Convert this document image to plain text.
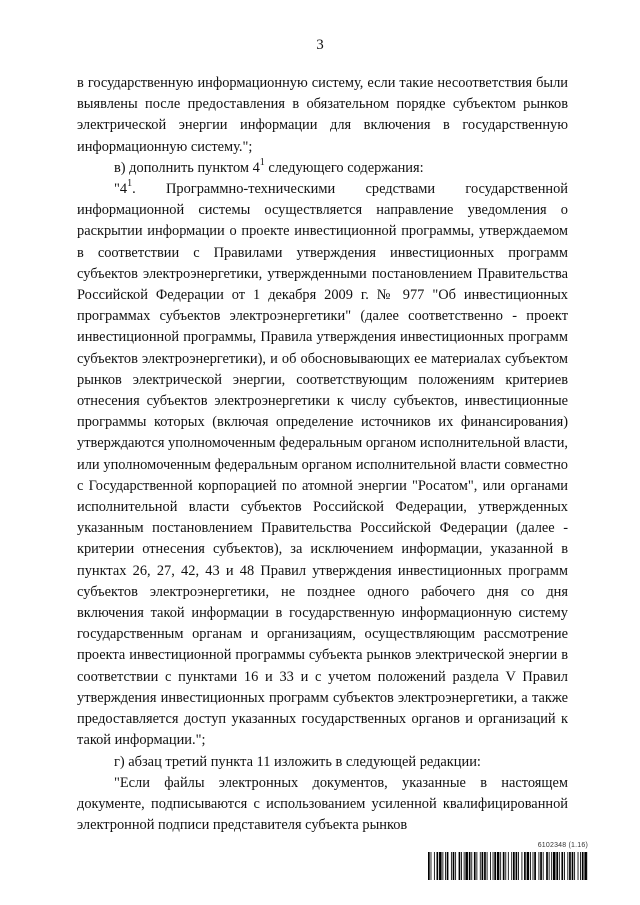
3

в государственную информационную систему, если такие несоответствия были выявлены после предоставления в обязательном порядке субъектом рынков электрической энергии информации для включения в государственную информационную систему.";

в) дополнить пунктом $4^1$ следующего содержания:

"$4^1$. Программно-техническими средствами государственной информационной системы осуществляется направление уведомления о раскрытии информации о проекте инвестиционной программы, утверждаемом в соответствии с Правилами утверждения инвестиционных программ субъектов электроэнергетики, утвержденными постановлением Правительства Российской Федерации от 1 декабря 2009 г. № 977 "Об инвестиционных программах субъектов электроэнергетики" (далее соответственно - проект инвестиционной программы, Правила утверждения инвестиционных программ субъектов электроэнергетики), и об обосновывающих ее материалах субъектом рынков электрической энергии, соответствующим положениям критериев отнесения субъектов электроэнергетики к числу субъектов, инвестиционные программы которых (включая определение источников их финансирования) утверждаются уполномоченным федеральным органом исполнительной власти, или уполномоченным федеральным органом исполнительной власти совместно с Государственной корпорацией по атомной энергии "Росатом", или органами исполнительной власти субъектов Российской Федерации, утвержденных указанным постановлением Правительства Российской Федерации (далее - критерии отнесения субъектов), за исключением информации, указанной в пунктах 26, 27, 42, 43 и 48 Правил утверждения инвестиционных программ субъектов электроэнергетики, не позднее одного рабочего дня со дня включения такой информации в государственную информационную систему государственным органам и организациям, осуществляющим рассмотрение проекта инвестиционной программы субъекта рынков электрической энергии в соответствии с пунктами 16 и 33 и с учетом положений раздела V Правил утверждения инвестиционных программ субъектов электроэнергетики, а также предоставляется доступ указанных государственных органов и организаций к такой информации.";

г) абзац третий пункта 11 изложить в следующей редакции:

"Если файлы электронных документов, указанные в настоящем документе, подписываются с использованием усиленной квалифицированной электронной подписи представителя субъекта рынков

6102348 (1.16)
